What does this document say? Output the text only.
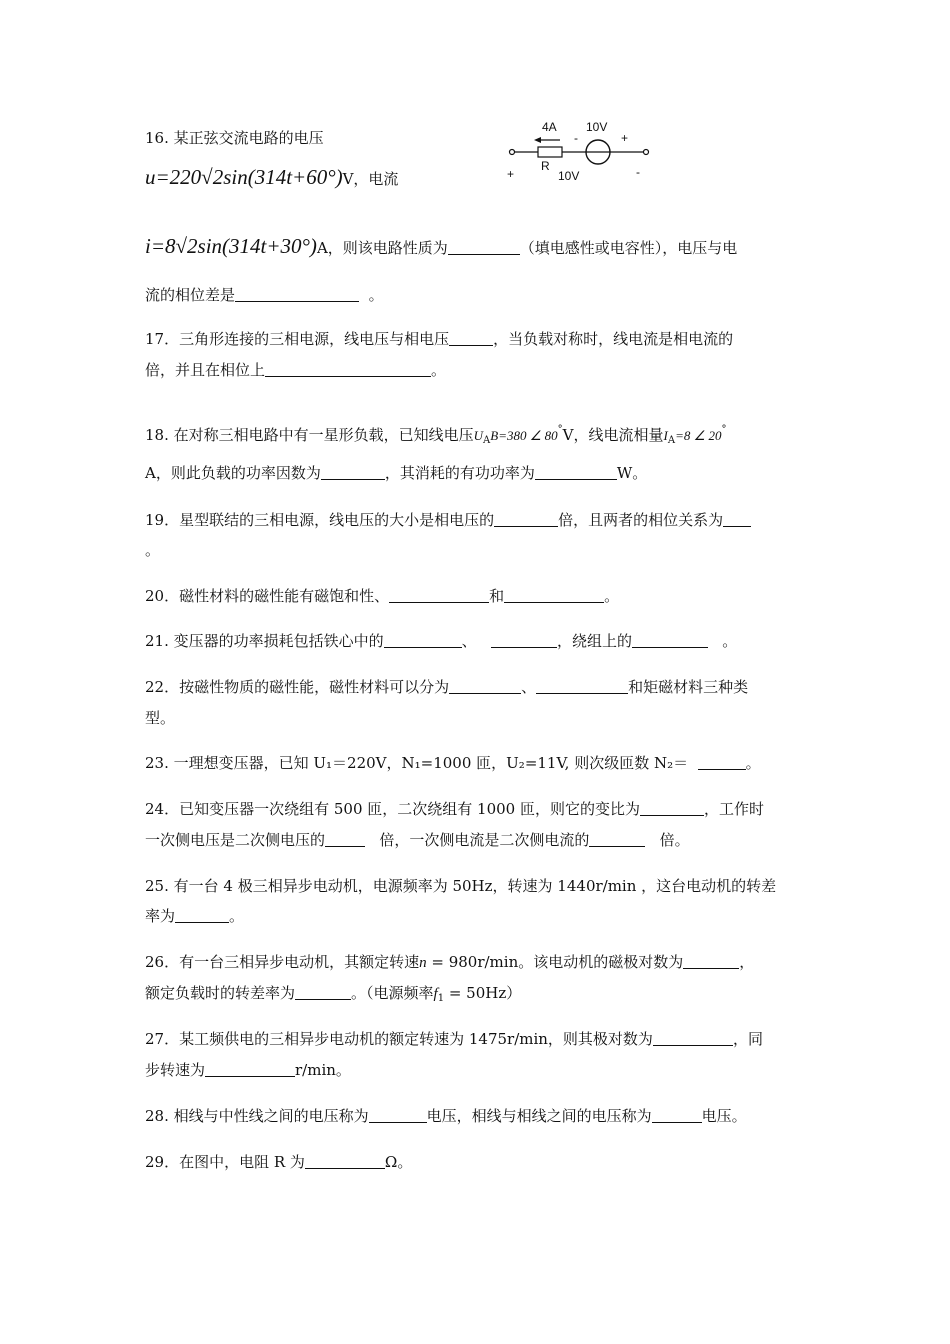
16. 某正弦交流电路的电压
u=220√2sin(314t+60°)V，电流
i=8√2sin(314t+30°)A，则该电路性质为	（填电感性或电容性），电压与电
流的相位差是	。
4A
-
10V
+
R
+	10V	-
17．三角形连接的三相电源，线电压与相电压	，当负载对称时，线电流是相电流的
倍，并且在相位上	。
18. 在对称三相电路中有一星形负载，已知线电压$U_AB=380$ ∠ 80°V，线电流相量$I_A=8$ ∠ 20°
A，则此负载的功率因数为	，其消耗的有功功率为	W。
19．星型联结的三相电源，线电压的大小是相电压的	倍，且两者的相位关系为
。
20．磁性材料的磁性能有磁饱和性、	和	。
21. 变压器的功率损耗包括铁心中的	、	，绕组上的	。
22．按磁性物质的磁性能，磁性材料可以分为	、	和矩磁材料三种类
型。
23. 一理想变压器，已知 U₁＝220V，N₁=1000 匝，U₂=11V, 则次级匝数 N₂＝	。
24．已知变压器一次绕组有 500 匝，二次绕组有 1000 匝，则它的变比为	，工作时
一次侧电压是二次侧电压的	倍，一次侧电流是二次侧电流的	倍。
25. 有一台 4 极三相异步电动机，电源频率为 50Hz，转速为 1440r/min ，这台电动机的转差
率为	。
26．有一台三相异步电动机，其额定转速n = 980r/min。该电动机的磁极对数为	，
额定负载时的转差率为	。（电源频率$f_1 = 50Hz$）
27．某工频供电的三相异步电动机的额定转速为 1475r/min，则其极对数为	，同
步转速为	r/min。
28. 相线与中性线之间的电压称为	电压，相线与相线之间的电压称为	电压。
29．在图中，电阻 R 为	Ω。
